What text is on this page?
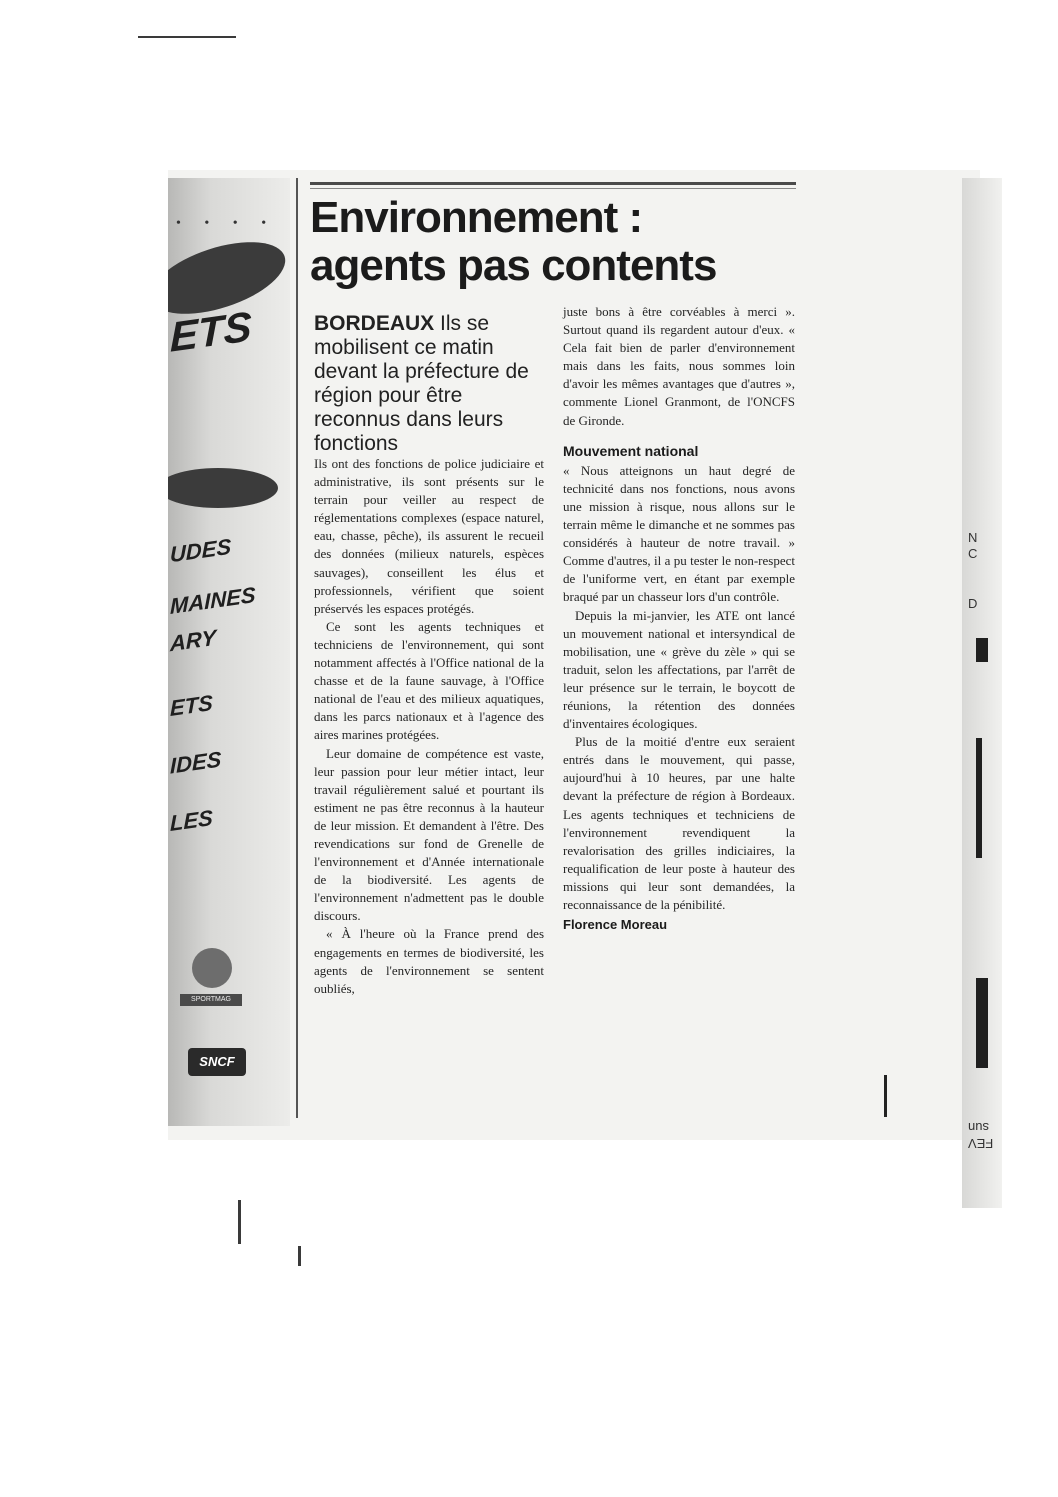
• • • •
ETS
UDES
MAINES
ARY
ETS
IDES
LES
SPORTMAG
SNCF
Environnement :
agents pas contents

BORDEAUX Ils se mobilisent ce matin devant la préfecture de région pour être reconnus dans leurs fonctions

Ils ont des fonctions de police judiciaire et administrative, ils sont présents sur le terrain pour veiller au respect de réglementations complexes (espace naturel, eau, chasse, pêche), ils assurent le recueil des données (milieux naturels, espèces sauvages), conseillent les élus et professionnels, vérifient que soient préservés les espaces protégés.

Ce sont les agents techniques et techniciens de l'environnement, qui sont notamment affectés à l'Office national de la chasse et de la faune sauvage, à l'Office national de l'eau et des milieux aquatiques, dans les parcs nationaux et à l'agence des aires marines protégées.

Leur domaine de compétence est vaste, leur passion pour leur métier intact, leur travail régulièrement salué et pourtant ils estiment ne pas être reconnus à la hauteur de leur mission. Et demandent à l'être. Des revendications sur fond de Grenelle de l'environnement et d'Année internationale de la biodiversité. Les agents de l'environnement n'admettent pas le double discours.

« À l'heure où la France prend des engagements en termes de biodiversité, les agents de l'environnement se sentent oubliés,

juste bons à être corvéables à merci ». Surtout quand ils regardent autour d'eux. « Cela fait bien de parler d'environnement mais dans les faits, nous sommes loin d'avoir les mêmes avantages que d'autres », commente Lionel Granmont, de l'ONCFS de Gironde.

Mouvement national

« Nous atteignons un haut degré de technicité dans nos fonctions, nous avons une mission à risque, nous allons sur le terrain même le dimanche et ne sommes pas considérés à hauteur de notre travail. » Comme d'autres, il a pu tester le non-respect de l'uniforme vert, en étant par exemple braqué par un chasseur lors d'un contrôle.

Depuis la mi-janvier, les ATE ont lancé un mouvement national et intersyndical de mobilisation, une « grève du zèle » qui se traduit, selon les affectations, par l'arrêt de leur présence sur le terrain, le boycott de réunions, la rétention des données d'inventaires écologiques.

Plus de la moitié d'entre eux seraient entrés dans le mouvement, qui passe, aujourd'hui à 10 heures, par une halte devant la préfecture de région à Bordeaux. Les agents techniques et techniciens de l'environnement revendiquent la revalorisation des grilles indiciaires, la requalification de leur poste à hauteur des missions qui leur sont demandées, la reconnaissance de la pénibilité.

Florence Moreau
N
C
D
sun
FEV
